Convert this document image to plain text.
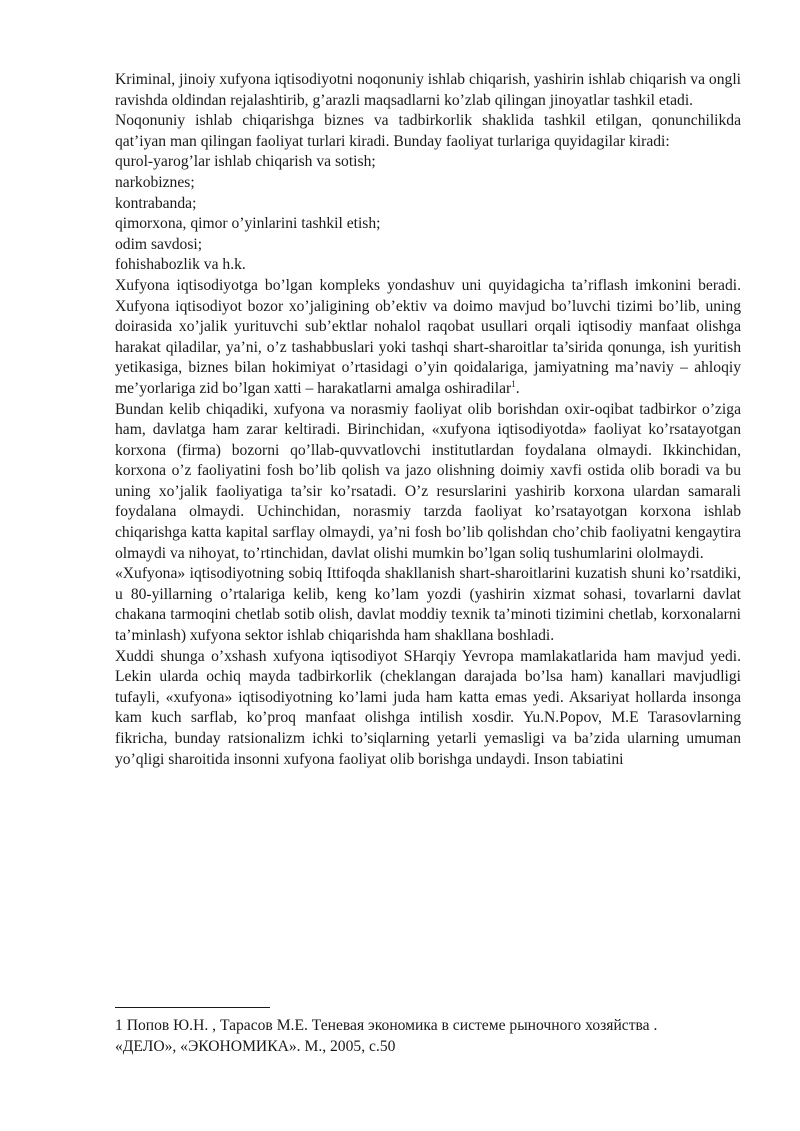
Kriminal, jinoiy xufyona iqtisodiyotni noqonuniy ishlab chiqarish, yashirin ishlab chiqarish va ongli ravishda oldindan rejalashtirib, g’arazli maqsadlarni ko’zlab qilingan jinoyatlar tashkil etadi.

Noqonuniy ishlab chiqarishga biznes va tadbirkorlik shaklida tashkil etilgan, qonunchilikda qat’iyan man qilingan faoliyat turlari kiradi. Bunday faoliyat turlariga quyidagilar kiradi:

qurol-yarog’lar ishlab chiqarish va sotish;

narkobiznes;

kontrabanda;

qimorxona, qimor o’yinlarini tashkil etish;

odim savdosi;

fohishabozlik va h.k.

Xufyona iqtisodiyotga bo’lgan kompleks yondashuv uni quyidagicha ta’riflash imkonini beradi. Xufyona iqtisodiyot bozor xo’jaligining ob’ektiv va doimo mavjud bo’luvchi tizimi bo’lib, uning doirasida xo’jalik yurituvchi sub’ektlar nohalol raqobat usullari orqali iqtisodiy manfaat olishga harakat qiladilar, ya’ni, o’z tashabbuslari yoki tashqi shart-sharoitlar ta’sirida qonunga, ish yuritish yetikasiga, biznes bilan hokimiyat o’rtasidagi o’yin qoidalariga, jamiyatning ma’naviy – ahloqiy me’yorlariga zid bo’lgan xatti – harakatlarni amalga oshiradilar$^1$.

Bundan kelib chiqadiki, xufyona va norasmiy faoliyat olib borishdan oxir-oqibat tadbirkor o’ziga ham, davlatga ham zarar keltiradi. Birinchidan, «xufyona iqtisodiyotda» faoliyat ko’rsatayotgan korxona (firma) bozorni qo’llab-quvvatlovchi institutlardan foydalana olmaydi. Ikkinchidan, korxona o’z faoliyatini fosh bo’lib qolish va jazo olishning doimiy xavfi ostida olib boradi va bu uning xo’jalik faoliyatiga ta’sir ko’rsatadi. O’z resurslarini yashirib korxona ulardan samarali foydalana olmaydi. Uchinchidan, norasmiy tarzda faoliyat ko’rsatayotgan korxona ishlab chiqarishga katta kapital sarflay olmaydi, ya’ni fosh bo’lib qolishdan cho’chib faoliyatni kengaytira olmaydi va nihoyat, to’rtinchidan, davlat olishi mumkin bo’lgan soliq tushumlarini ololmaydi.

«Xufyona» iqtisodiyotning sobiq Ittifoqda shakllanish shart-sharoitlarini kuzatish shuni ko’rsatdiki, u 80-yillarning o’rtalariga kelib, keng ko’lam yozdi (yashirin xizmat sohasi, tovarlarni davlat chakana tarmoqini chetlab sotib olish, davlat moddiy texnik ta’minoti tizimini chetlab, korxonalarni ta’minlash) xufyona sektor ishlab chiqarishda ham shakllana boshladi.

Xuddi shunga o’xshash xufyona iqtisodiyot SHarqiy Yevropa mamlakatlarida ham mavjud yedi. Lekin ularda ochiq mayda tadbirkorlik (cheklangan darajada bo’lsa ham) kanallari mavjudligi tufayli, «xufyona» iqtisodiyotning ko’lami juda ham katta emas yedi. Aksariyat hollarda insonga kam kuch sarflab, ko’proq manfaat olishga intilish xosdir. Yu.N.Popov, M.E Tarasovlarning fikricha, bunday ratsionalizm ichki to’siqlarning yetarli yemasligi va ba’zida ularning umuman yo’qligi sharoitida insonni xufyona faoliyat olib borishga undaydi. Inson tabiatini

1 Попов Ю.Н. , Тарасов М.Е. Теневая экономика в системе рыночного хозяйства . «ДЕЛО», «ЭКОНОМИКА». М., 2005, с.50
